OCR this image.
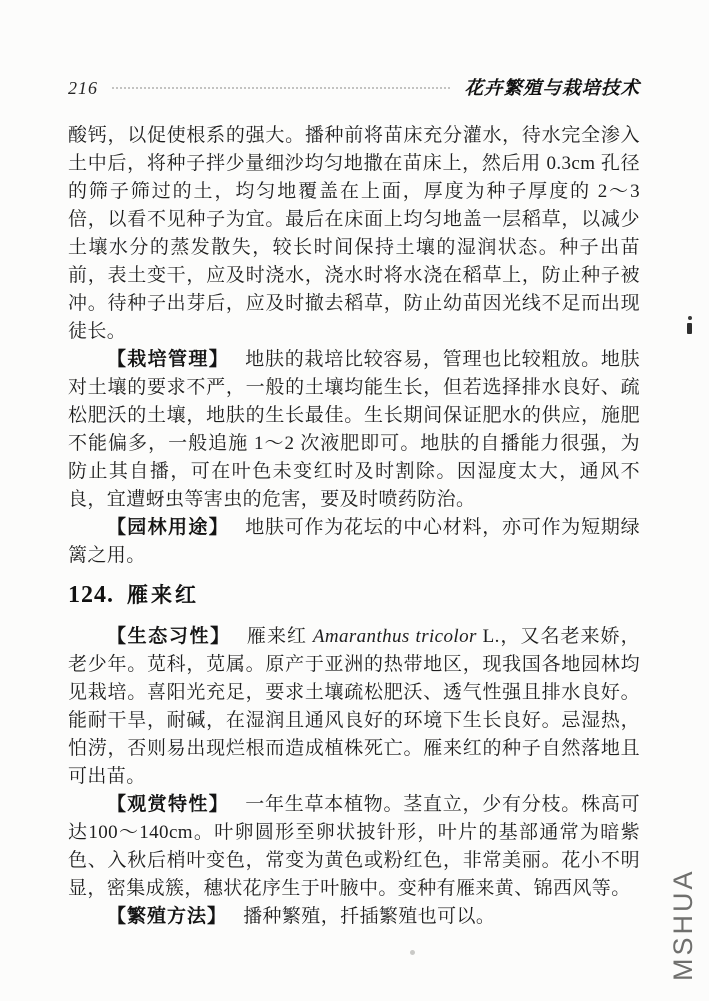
216	花卉繁殖与栽培技术

酸钙，以促使根系的强大。播种前将苗床充分灌水，待水完全渗入土中后，将种子拌少量细沙均匀地撒在苗床上，然后用 0.3cm 孔径的筛子筛过的土，均匀地覆盖在上面，厚度为种子厚度的 2～3 倍，以看不见种子为宜。最后在床面上均匀地盖一层稻草，以减少土壤水分的蒸发散失，较长时间保持土壤的湿润状态。种子出苗前，表土变干，应及时浇水，浇水时将水浇在稻草上，防止种子被冲。待种子出芽后，应及时撤去稻草，防止幼苗因光线不足而出现徒长。

【栽培管理】 地肤的栽培比较容易，管理也比较粗放。地肤对土壤的要求不严，一般的土壤均能生长，但若选择排水良好、疏松肥沃的土壤，地肤的生长最佳。生长期间保证肥水的供应，施肥不能偏多，一般追施 1～2 次液肥即可。地肤的自播能力很强，为防止其自播，可在叶色未变红时及时割除。因湿度太大，通风不良，宜遭蚜虫等害虫的危害，要及时喷药防治。

【园林用途】 地肤可作为花坛的中心材料，亦可作为短期绿篱之用。

124. 雁来红

【生态习性】 雁来红 Amaranthus tricolor L.，又名老来娇，老少年。苋科，苋属。原产于亚洲的热带地区，现我国各地园林均见栽培。喜阳光充足，要求土壤疏松肥沃、透气性强且排水良好。能耐干旱，耐碱，在湿润且通风良好的环境下生长良好。忌湿热，怕涝，否则易出现烂根而造成植株死亡。雁来红的种子自然落地且可出苗。

【观赏特性】 一年生草本植物。茎直立，少有分枝。株高可达100～140cm。叶卵圆形至卵状披针形，叶片的基部通常为暗紫色、入秋后梢叶变色，常变为黄色或粉红色，非常美丽。花小不明显，密集成簇，穗状花序生于叶腋中。变种有雁来黄、锦西风等。

【繁殖方法】 播种繁殖，扦插繁殖也可以。	MSHUA
